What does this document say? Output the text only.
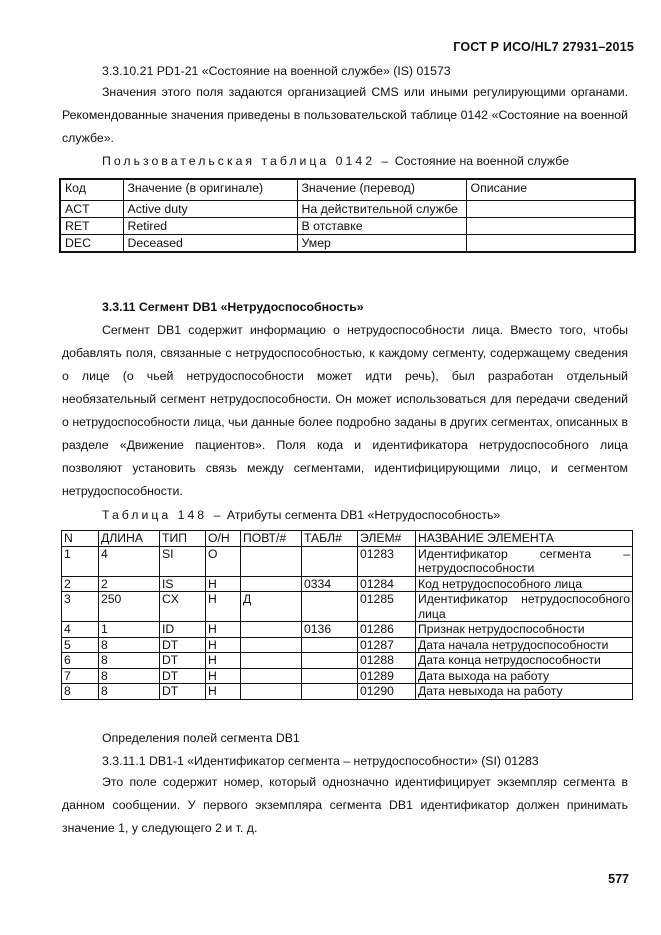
ГОСТ Р ИСО/HL7 27931–2015
3.3.10.21 PD1-21 «Состояние на военной службе» (IS) 01573
Значения этого поля задаются организацией CMS или иными регулирующими органами. Рекомендованные значения приведены в пользовательской таблице 0142 «Состояние на военной службе».
Пользовательская таблица 0142 – Состояние на военной службе
Код	Значение (в оригинале)	Значение (перевод)	Описание
ACT	Active duty	На действительной службе	
RET	Retired	В отставке	
DEC	Deceased	Умер	
3.3.11 Сегмент DB1 «Нетрудоспособность»
Сегмент DB1 содержит информацию о нетрудоспособности лица. Вместо того, чтобы добавлять поля, связанные с нетрудоспособностью, к каждому сегменту, содержащему сведения о лице (о чьей нетрудоспособности может идти речь), был разработан отдельный необязательный сегмент нетрудоспособности. Он может использоваться для передачи сведений о нетрудоспособности лица, чьи данные более подробно заданы в других сегментах, описанных в разделе «Движение пациентов». Поля кода и идентификатора нетрудоспособного лица позволяют установить связь между сегментами, идентифицирующими лицо, и сегментом нетрудоспособности.
Таблица 148 – Атрибуты сегмента DB1 «Нетрудоспособность»
N	ДЛИНА	ТИП	О/Н	ПОВТ/#	ТАБЛ#	ЭЛЕМ#	НАЗВАНИЕ ЭЛЕМЕНТА
1	4	SI	O			01283	Идентификатор сегмента – нетрудоспособности
2	2	IS	Н		0334	01284	Код нетрудоспособного лица
3	250	CX	Н	Д		01285	Идентификатор нетрудоспособного лица
4	1	ID	Н		0136	01286	Признак нетрудоспособности
5	8	DT	Н			01287	Дата начала нетрудоспособности
6	8	DT	Н			01288	Дата конца нетрудоспособности
7	8	DT	Н			01289	Дата выхода на работу
8	8	DT	Н			01290	Дата невыхода на работу
Определения полей сегмента DB1
3.3.11.1 DB1-1 «Идентификатор сегмента – нетрудоспособности» (SI) 01283
Это поле содержит номер, который однозначно идентифицирует экземпляр сегмента в данном сообщении. У первого экземпляра сегмента DB1 идентификатор должен принимать значение 1, у следующего 2 и т. д.
577
